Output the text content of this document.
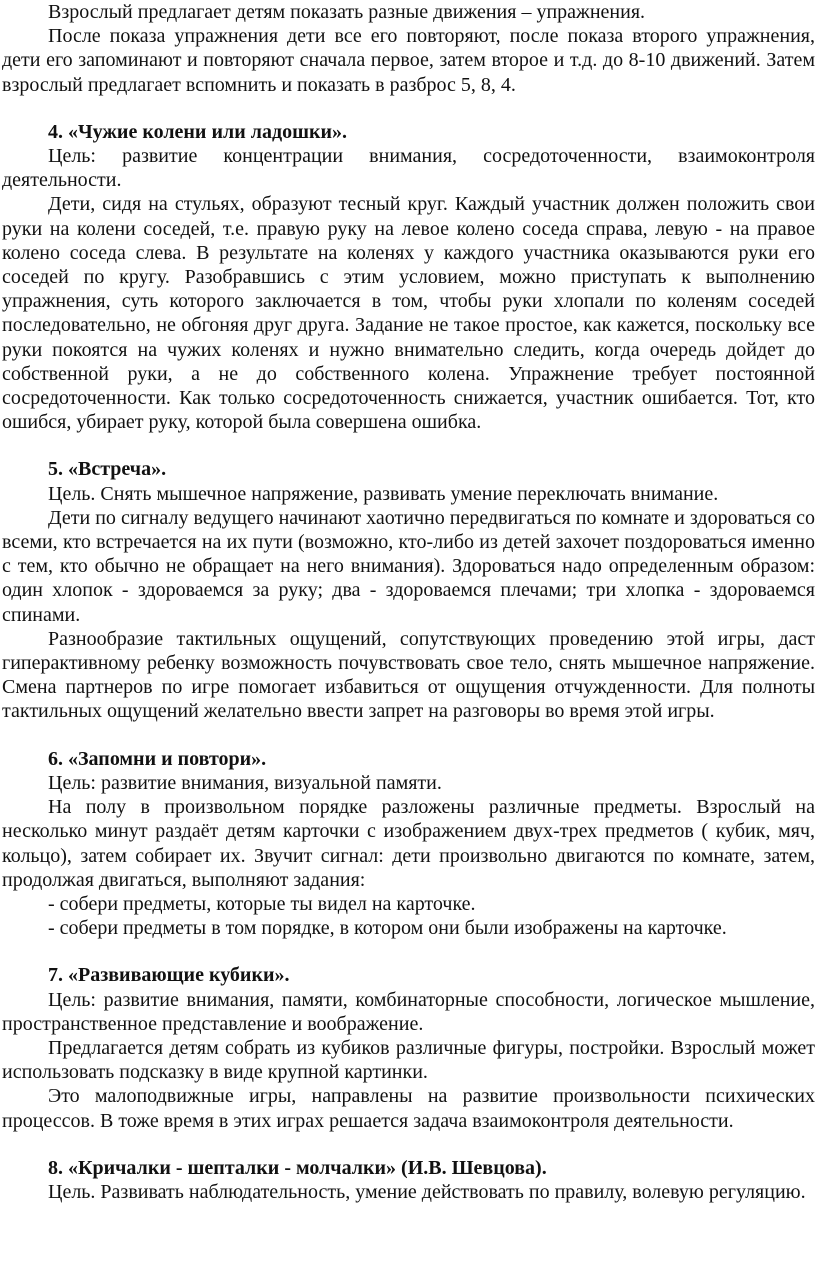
Взрослый предлагает детям показать разные движения – упражнения.

После показа упражнения дети все его повторяют, после показа второго упражнения, дети его запоминают и повторяют сначала первое, затем второе и т.д. до 8-10 движений. Затем взрослый предлагает вспомнить и показать в разброс 5, 8, 4.

4. «Чужие колени или ладошки».

Цель: развитие концентрации внимания, сосредоточенности, взаимоконтроля деятельности.

Дети, сидя на стульях, образуют тесный круг. Каждый участник должен положить свои руки на колени соседей, т.е. правую руку на левое колено соседа справа, левую - на правое колено соседа слева. В результате на коленях у каждого участника оказываются руки его соседей по кругу. Разобравшись с этим условием, можно приступать к выполнению упражнения, суть которого заключается в том, чтобы руки хлопали по коленям соседей последовательно, не обгоняя друг друга. Задание не такое простое, как кажется, поскольку все руки покоятся на чужих коленях и нужно внимательно следить, когда очередь дойдет до собственной руки, а не до собственного колена. Упражнение требует постоянной сосредоточенности. Как только сосредоточенность снижается, участник ошибается. Тот, кто ошибся, убирает руку, которой была совершена ошибка.

5. «Встреча».

Цель. Снять мышечное напряжение, развивать умение переключать внимание.

Дети по сигналу ведущего начинают хаотично передвигаться по комнате и здороваться со всеми, кто встречается на их пути (возможно, кто-либо из детей захочет поздороваться именно с тем, кто обычно не обращает на него внимания). Здороваться надо определенным образом: один хлопок - здороваемся за руку; два - здороваемся плечами; три хлопка - здороваемся спинами.

Разнообразие тактильных ощущений, сопутствующих проведению этой игры, даст гиперактивному ребенку возможность почувствовать свое тело, снять мышечное напряжение. Смена партнеров по игре помогает избавиться от ощущения отчужденности. Для полноты тактильных ощущений желательно ввести запрет на разговоры во время этой игры.

6. «Запомни и повтори».

Цель: развитие внимания, визуальной памяти.

На полу в произвольном порядке разложены различные предметы. Взрослый на несколько минут раздаёт детям карточки с изображением двух-трех предметов ( кубик, мяч, кольцо), затем собирает их. Звучит сигнал: дети произвольно двигаются по комнате, затем, продолжая двигаться, выполняют задания:

- собери предметы, которые ты видел на карточке.

- собери предметы в том порядке, в котором они были изображены на карточке.

7. «Развивающие кубики».

Цель: развитие внимания, памяти, комбинаторные способности, логическое мышление, пространственное представление и воображение.

Предлагается детям собрать из кубиков различные фигуры, постройки. Взрослый может использовать подсказку в виде крупной картинки.

Это малоподвижные игры, направлены на развитие произвольности психических процессов. В тоже время в этих играх решается задача взаимоконтроля деятельности.

8. «Кричалки - шепталки - молчалки» (И.В. Шевцова).

Цель. Развивать наблюдательность, умение действовать по правилу, волевую регуляцию.
